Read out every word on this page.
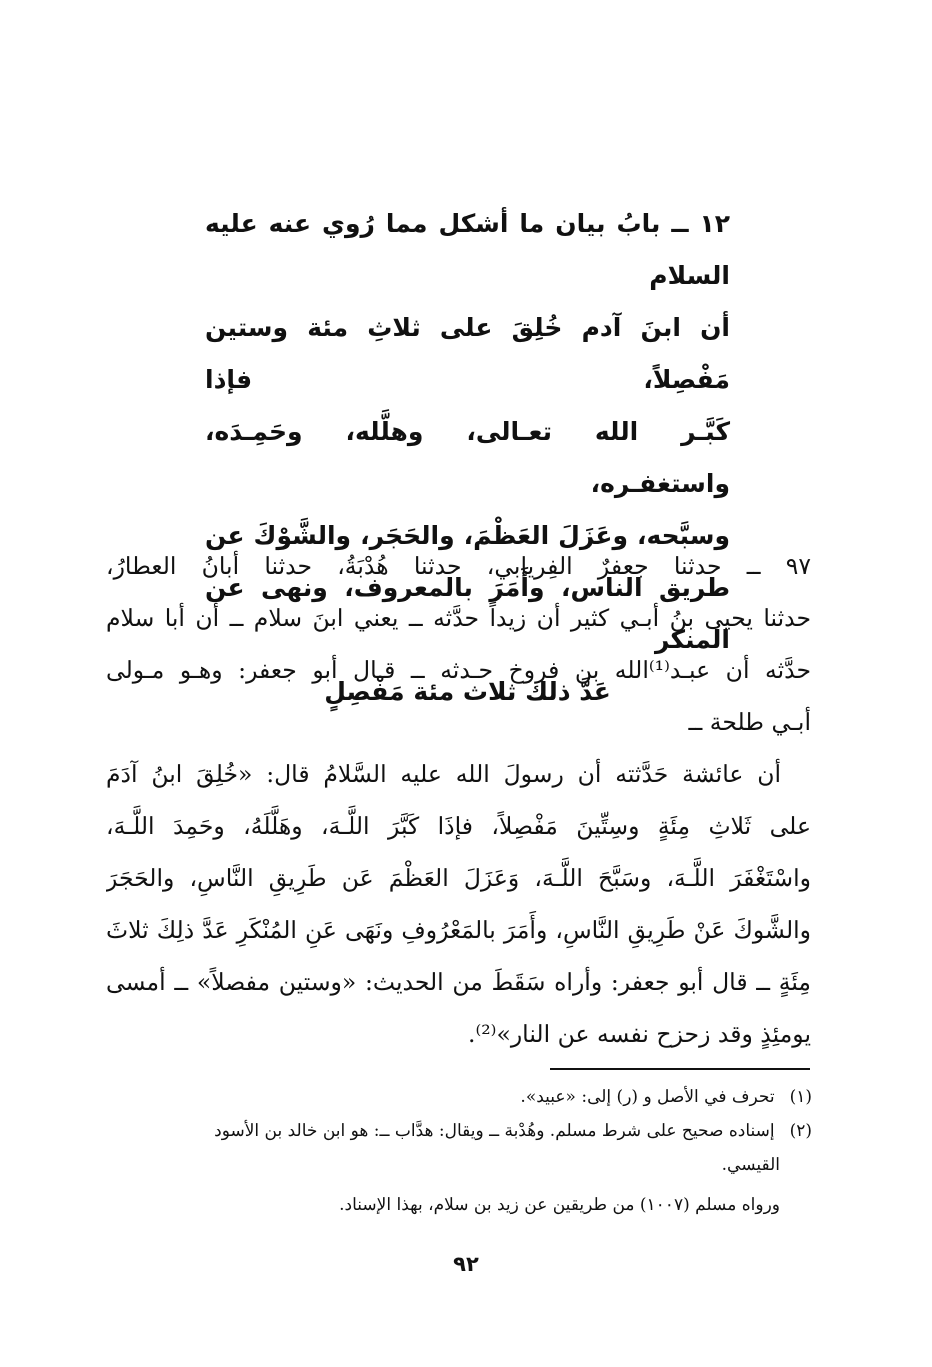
١٢ ــ بابُ بيان ما أشكل مما رُوي عنه عليه السلام
أن ابنَ آدم خُلِقَ على ثلاثِ مئة وستين مَفْصِلاً، فإذا
كَبَّـر الله تعـالى، وهلَّله، وحَمِـدَه، واستغفـره،
وسبَّحه، وعَزَلَ العَظْمَ، والحَجَر، والشَّوْكَ عن
طريق الناس، وأَمَرَ بالمعروف، ونهى عن المنكر
عَدَّ ذلك ثلاث مئة مَفْصِلٍ
٩٧ ــ حدثنا جعفرٌ الفِريابي، حدثنا هُدْبَةُ، حدثنا أبانُ العطارُ،
حدثنا يحيى بنُ أبـي كثير أن زيداً حدَّثه ــ يعني ابنَ سلام ــ أن أبا سلام
حدَّثه أن عبـد⁽¹⁾الله بن فروخ حـدثه ــ قـال أبو جعفر: وهـو مـولى
أبـي طلحة ــ
أن عائشة حَدَّثته أن رسولَ الله عليه السَّلامُ قال: «خُلِقَ ابنُ آدَمَ
على ثَلاثِ مِئَةٍ وسِتِّينَ مَفْصِلاً، فإذَا كَبَّرَ اللَّـهَ، وهَلَّلَهُ، وحَمِدَ اللَّـهَ،
واسْتَغْفَرَ اللَّـهَ، وسَبَّحَ اللَّـهَ، وَعَزَلَ العَظْمَ عَن طَرِيقِ النَّاسِ، والحَجَرَ
والشَّوكَ عَنْ طَرِيقِ النَّاسِ، وأَمَرَ بالمَعْرُوفِ ونَهَى عَنِ المُنْكَرِ عَدَّ ذلِكَ ثلاثَ
مِئَةٍ ــ قال أبو جعفر: وأراه سَقَطَ من الحديث: «وستين مفصلاً» ــ أمسى
يومئِذٍ وقد زحزح نفسه عن النار»⁽²⁾.
(١) تحرف في الأصل و (ر) إلى: «عبيد».
(٢) إسناده صحيح على شرط مسلم. وهُدْبة ــ ويقال: هدَّاب ــ: هو ابن خالد بن الأسود
القيسي.
ورواه مسلم (١٠٠٧) من طريقين عن زيد بن سلام، بهذا الإسناد.
٩٢
